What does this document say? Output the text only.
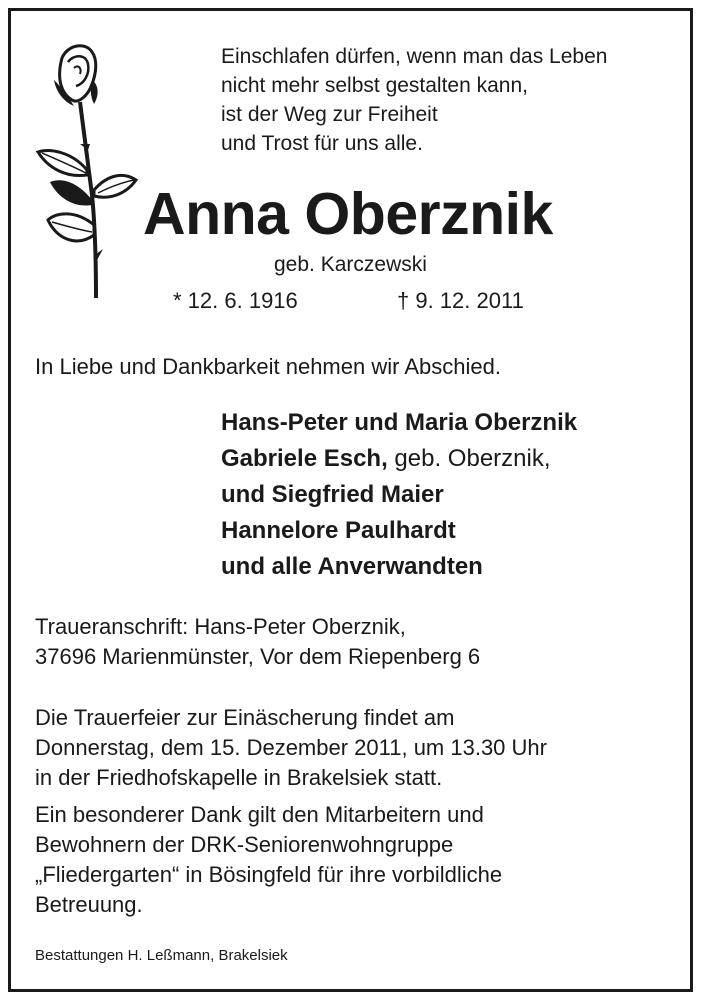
Einschlafen dürfen, wenn man das Leben
nicht mehr selbst gestalten kann,
ist der Weg zur Freiheit
und Trost für uns alle.
Anna Oberznik
geb. Karczewski
* 12. 6. 1916	† 9. 12. 2011
In Liebe und Dankbarkeit nehmen wir Abschied.
Hans-Peter und Maria Oberznik
Gabriele Esch, geb. Oberznik,
und Siegfried Maier
Hannelore Paulhardt
und alle Anverwandten
Traueranschrift: Hans-Peter Oberznik,
37696 Marienmünster, Vor dem Riepenberg 6
Die Trauerfeier zur Einäscherung findet am
Donnerstag, dem 15. Dezember 2011, um 13.30 Uhr
in der Friedhofskapelle in Brakelsiek statt.
Ein besonderer Dank gilt den Mitarbeitern und
Bewohnern der DRK-Seniorenwohngruppe
„Fliedergarten“ in Bösingfeld für ihre vorbildliche
Betreuung.
Bestattungen H. Leßmann, Brakelsiek
